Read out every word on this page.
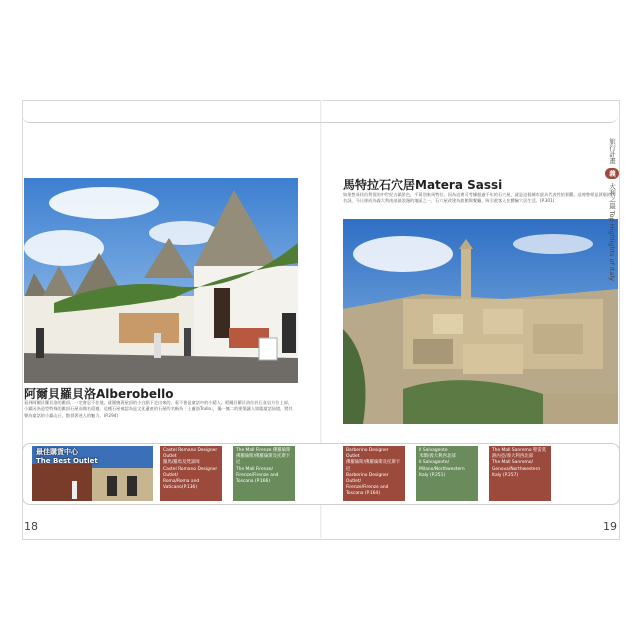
阿爾貝羅貝洛Alberobello

看到阿爾貝羅貝洛的錐頂，一定會忍不住地，就圍繞著屋頂的小白點下走出來的，看不會是童話中的小精人。阿爾貝羅貝洛位於石灰岩方位上部，小鎮因為造型特殊的錐頂石屋而聞名遐邇，這種石屋被認為是文化遺產的石屋的名稱為「土盧洛Trullo」，獨一無二的建築讓人如臨童話仙境，將其譽為童話的小鎮山丘，散發著迷人的魅力。(P.294)

馬特拉石穴居Matera Sassi

如果想尋找伯利恆的中世紀古鎮景色，千萬別來馬特拉，因為這裡可考據超過千年的石穴屋，就是這個城市最具代表性的景觀。這裡曾經是貧窮的代名詞，今日卻成為義大利南部最浪漫的地區之一，石穴屋改建為旅館與餐廳，吸引遊客入住體驗穴居生活。(P.301)

旅行計畫 義 大利之最 Top Highlights of Italy
最佳購貨中心
The Best Outlet
Castel Romano Designer Outlet
羅馬/羅馬及梵諦岡
Castel Romano Designer Outlet/
Roma/Roma and Vaticano(P.136)
The Mall Firenze 佛羅倫斯
佛羅倫斯/佛羅倫斯及托斯卡尼
The Mall Firenze/
Firenze/Firenze and Toscana (P.166)
Barberino Designer Outlet
佛羅倫斯/佛羅倫斯及托斯卡尼
Barberino Designer Outlet/
Firenze/Firenze and Toscana (P.164)
Il Salvagente
米蘭/義大利西北部
Il Salvagente/
Milano/Northwestern Italy (P.251)
The Mall Sanremo 聖雷莫
熱內亞/義大利西北部
The Mall Sanremo/
Genova/Northwestern Italy (P.257)
18	19
